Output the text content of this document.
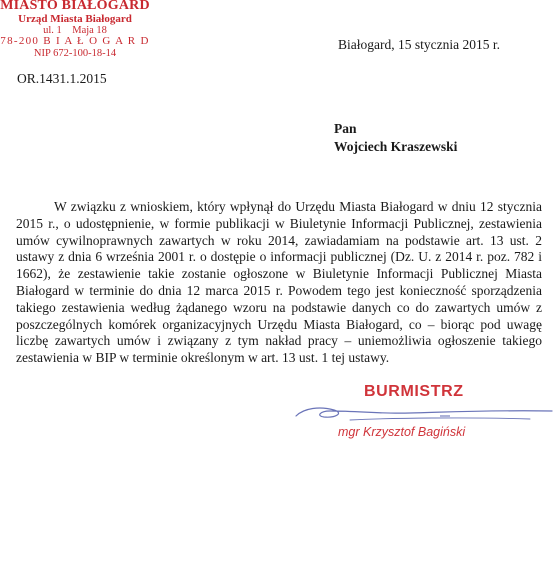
MIASTO BIAŁOGARD
Urząd Miasta Białogard
ul. 1    Maja 18
78-200 B I A Ł O G A R D
NIP 672-100-18-14
Białogard, 15 stycznia 2015 r.
OR.1431.1.2015
Pan
Wojciech Kraszewski

W związku z wnioskiem, który wpłynął do Urzędu Miasta Białogard w dniu 12 stycznia 2015 r., o udostępnienie, w formie publikacji w Biuletynie Informacji Publicznej, zestawienia umów cywilnoprawnych zawartych w roku 2014, zawiadamiam na podstawie art. 13 ust. 2 ustawy z dnia 6 września 2001 r. o dostępie o informacji publicznej (Dz. U. z 2014 r. poz. 782 i 1662), że zestawienie takie zostanie ogłoszone w Biuletynie Informacji Publicznej Miasta Białogard w terminie do dnia 12 marca 2015 r. Powodem tego jest konieczność sporządzenia takiego zestawienia według żądanego wzoru na podstawie danych co do zawartych umów z poszczególnych komórek organizacyjnych Urzędu Miasta Białogard, co – biorąc pod uwagę liczbę zawartych umów i związany z tym nakład pracy – uniemożliwia ogłoszenie takiego zestawienia w BIP w terminie określonym w art. 13 ust. 1 tej ustawy.

BURMISTRZ
mgr Krzysztof Bagiński
